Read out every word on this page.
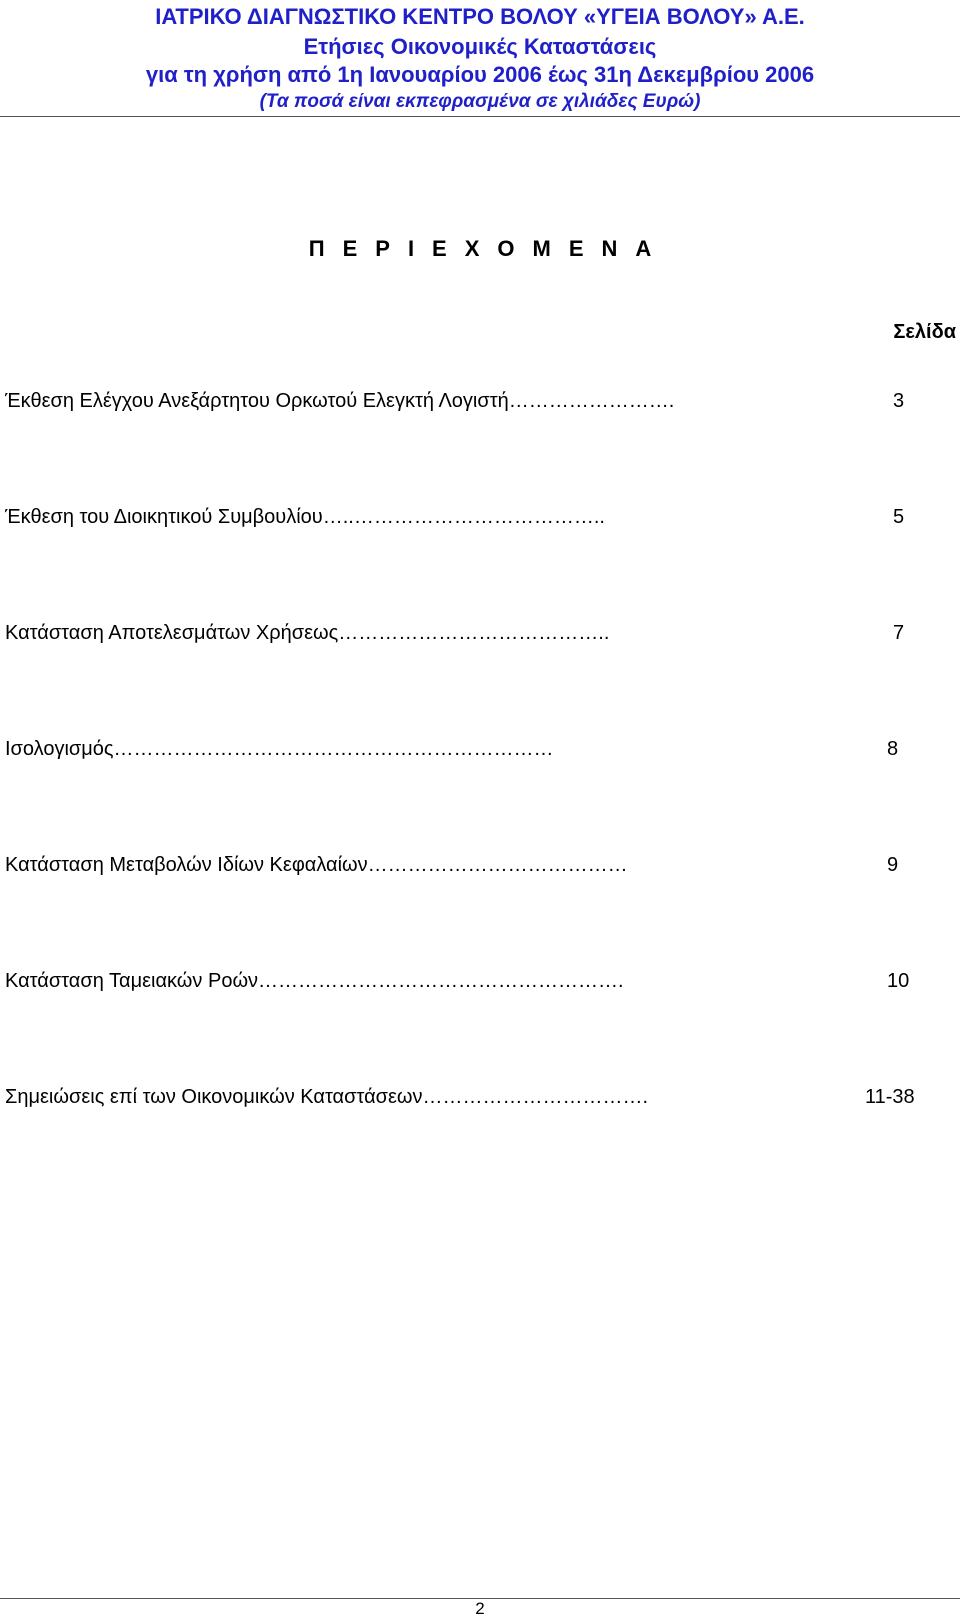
ΙΑΤΡΙΚΟ ΔΙΑΓΝΩΣΤΙΚΟ ΚΕΝΤΡΟ ΒΟΛΟΥ «ΥΓΕΙΑ ΒΟΛΟΥ» Α.Ε.
Ετήσιες Οικονομικές Καταστάσεις
για τη χρήση από 1η Ιανουαρίου 2006 έως 31η Δεκεμβρίου 2006
(Τα ποσά είναι εκπεφρασμένα σε χιλιάδες Ευρώ)
ΠΕΡΙΕΧΟΜΕΝΑ
Σελίδα
Έκθεση Ελέγχου Ανεξάρτητου Ορκωτού Ελεγκτή Λογιστή…………………….	3
Έκθεση του Διοικητικού Συμβουλίου…..………………………………..	5
Κατάσταση Αποτελεσμάτων Χρήσεως…………………………………..	7
Ισολογισμός…………………………………………………………	8
Κατάσταση Μεταβολών Ιδίων Κεφαλαίων…………………………………	9
Κατάσταση Ταμειακών Ροών……………………………………………….	10
Σημειώσεις επί των Οικονομικών Καταστάσεων…………………………….	11-38
2
